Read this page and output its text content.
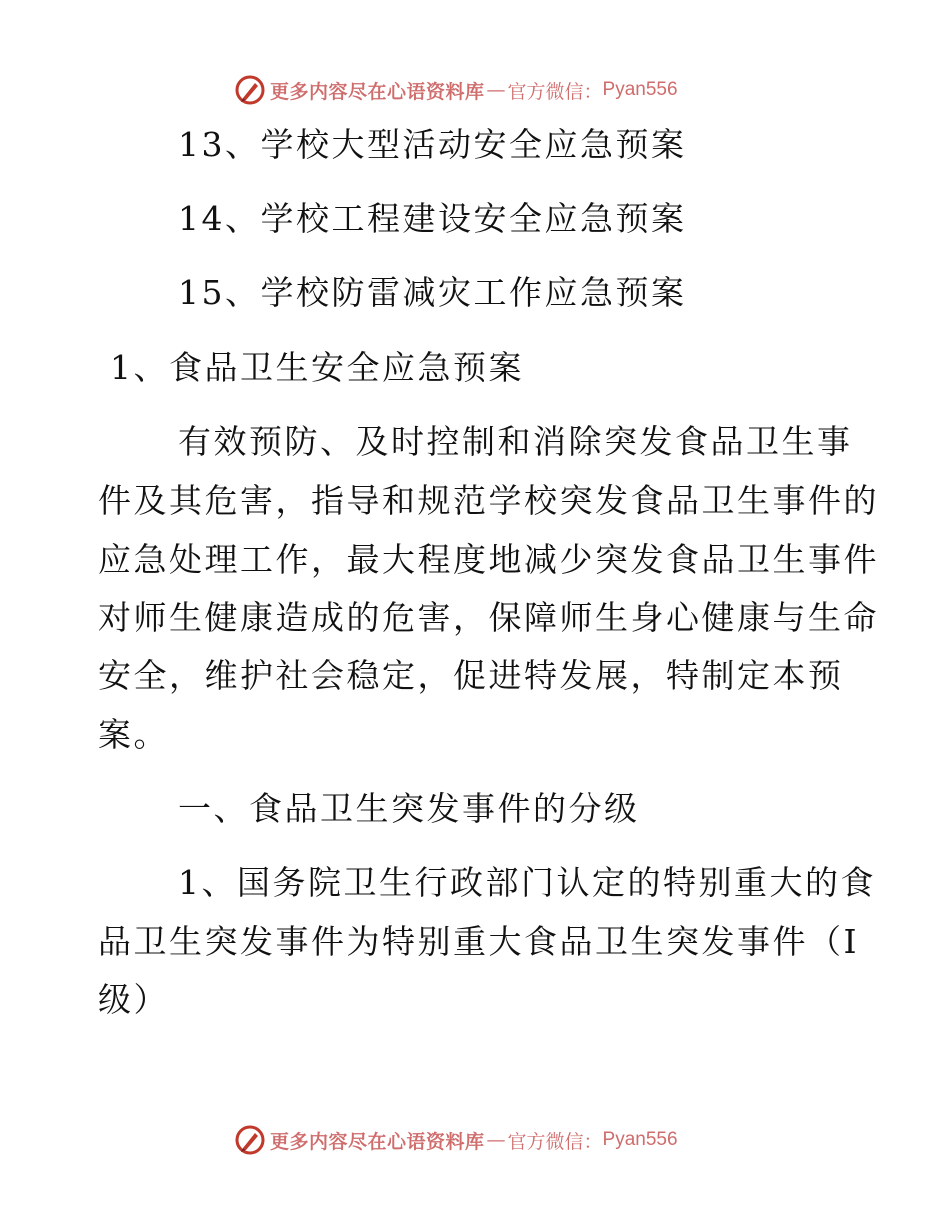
更多内容尽在心语资料库 — 官方微信： Pyan556
13、学校大型活动安全应急预案
14、学校工程建设安全应急预案
15、学校防雷减灾工作应急预案
1、食品卫生安全应急预案
有效预防、及时控制和消除突发食品卫生事
件及其危害，指导和规范学校突发食品卫生事件的
应急处理工作，最大程度地减少突发食品卫生事件
对师生健康造成的危害，保障师生身心健康与生命
安全，维护社会稳定，促进特发展，特制定本预
案。
一、食品卫生突发事件的分级
1、国务院卫生行政部门认定的特别重大的食
品卫生突发事件为特别重大食品卫生突发事件（Ⅰ
级）
更多内容尽在心语资料库 — 官方微信： Pyan556
